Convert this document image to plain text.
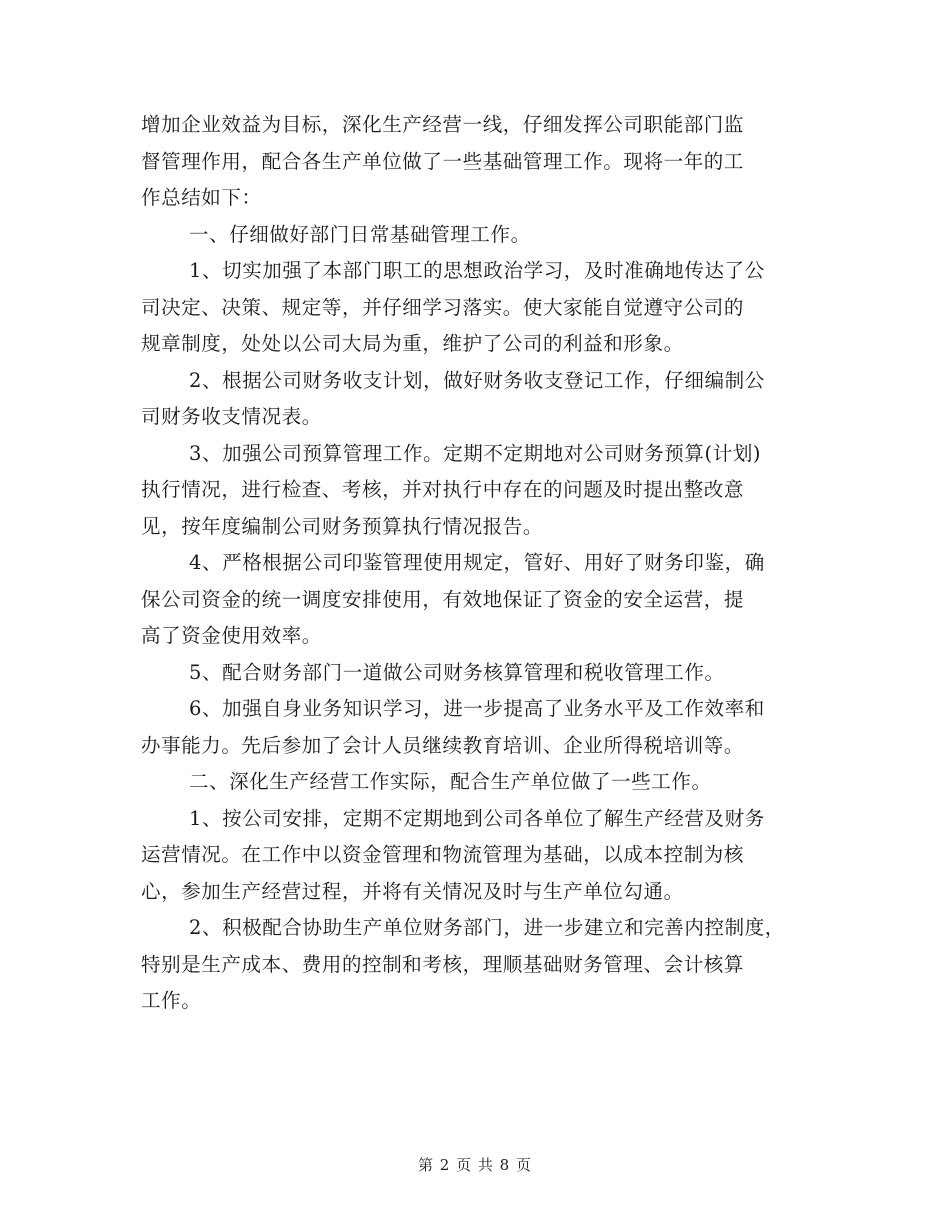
增加企业效益为目标，深化生产经营一线，仔细发挥公司职能部门监
督管理作用，配合各生产单位做了一些基础管理工作。现将一年的工
作总结如下：
一、仔细做好部门日常基础管理工作。
1、切实加强了本部门职工的思想政治学习，及时准确地传达了公
司决定、决策、规定等，并仔细学习落实。使大家能自觉遵守公司的
规章制度，处处以公司大局为重，维护了公司的利益和形象。
2、根据公司财务收支计划，做好财务收支登记工作，仔细编制公
司财务收支情况表。
3、加强公司预算管理工作。定期不定期地对公司财务预算(计划)
执行情况，进行检查、考核，并对执行中存在的问题及时提出整改意
见，按年度编制公司财务预算执行情况报告。
4、严格根据公司印鉴管理使用规定，管好、用好了财务印鉴，确
保公司资金的统一调度安排使用，有效地保证了资金的安全运营，提
高了资金使用效率。
5、配合财务部门一道做公司财务核算管理和税收管理工作。
6、加强自身业务知识学习，进一步提高了业务水平及工作效率和
办事能力。先后参加了会计人员继续教育培训、企业所得税培训等。
二、深化生产经营工作实际，配合生产单位做了一些工作。
1、按公司安排，定期不定期地到公司各单位了解生产经营及财务
运营情况。在工作中以资金管理和物流管理为基础，以成本控制为核
心，参加生产经营过程，并将有关情况及时与生产单位勾通。
2、积极配合协助生产单位财务部门，进一步建立和完善内控制度，
特别是生产成本、费用的控制和考核，理顺基础财务管理、会计核算
工作。
第 2 页 共 8 页
